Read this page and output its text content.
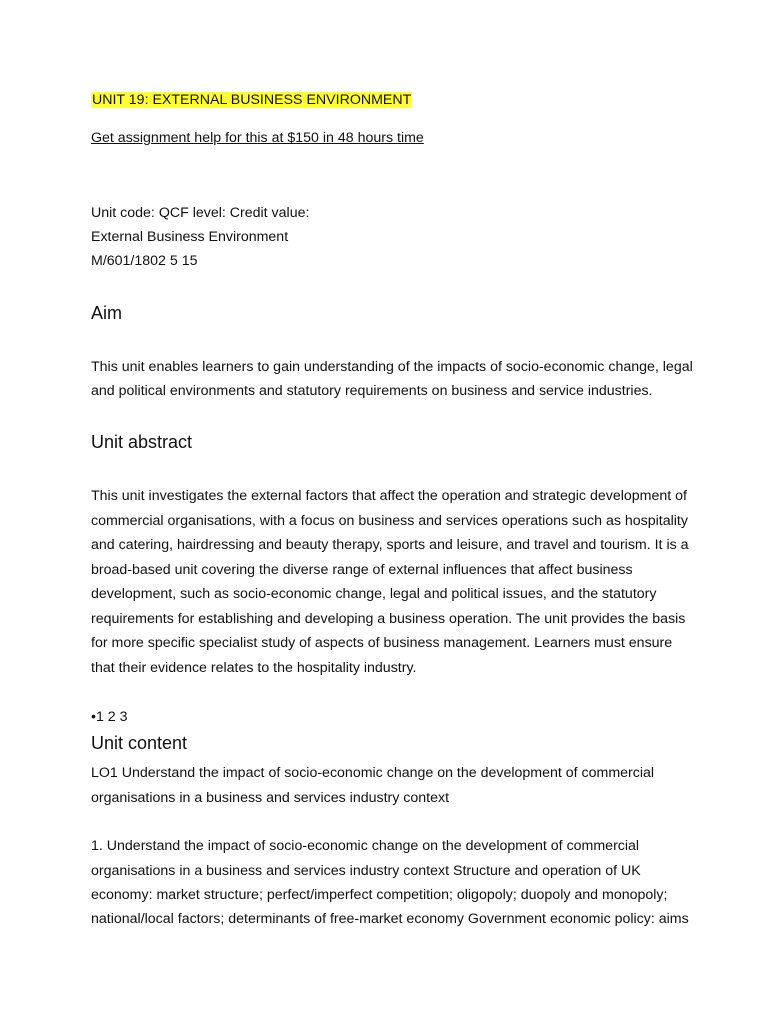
UNIT 19: EXTERNAL BUSINESS ENVIRONMENT
Get assignment help for this at $150 in 48 hours time
Unit code: QCF level: Credit value:
External Business Environment
M/601/1802 5 15
Aim
This unit enables learners to gain understanding of the impacts of socio-economic change, legal
and political environments and statutory requirements on business and service industries.
Unit abstract
This unit investigates the external factors that affect the operation and strategic development of
commercial organisations, with a focus on business and services operations such as hospitality
and catering, hairdressing and beauty therapy, sports and leisure, and travel and tourism. It is a
broad-based unit covering the diverse range of external influences that affect business
development, such as socio-economic change, legal and political issues, and the statutory
requirements for establishing and developing a business operation. The unit provides the basis
for more specific specialist study of aspects of business management. Learners must ensure
that their evidence relates to the hospitality industry.
•1 2 3
Unit content
LO1 Understand the impact of socio-economic change on the development of commercial
organisations in a business and services industry context
1. Understand the impact of socio-economic change on the development of commercial
organisations in a business and services industry context Structure and operation of UK
economy: market structure; perfect/imperfect competition; oligopoly; duopoly and monopoly;
national/local factors; determinants of free-market economy Government economic policy: aims
